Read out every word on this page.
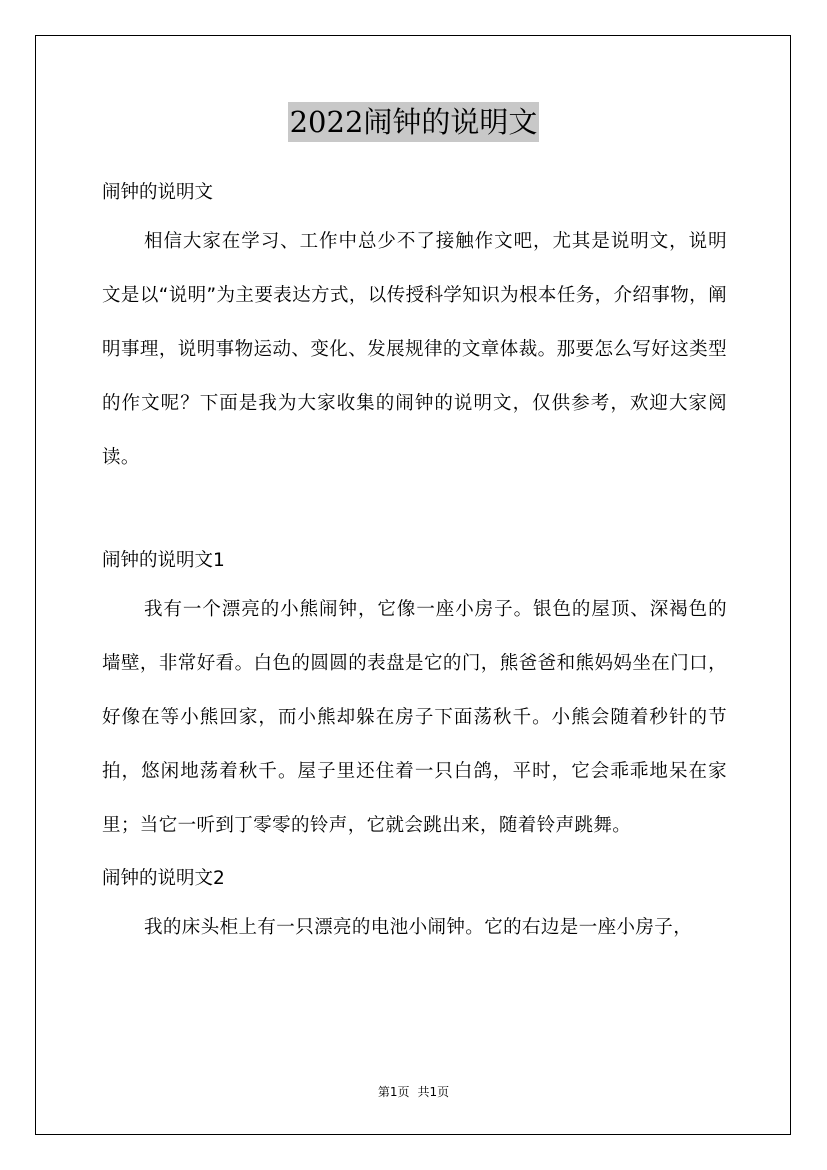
2022闹钟的说明文
闹钟的说明文

相信大家在学习、工作中总少不了接触作文吧，尤其是说明文，说明文是以“说明”为主要表达方式，以传授科学知识为根本任务，介绍事物，阐明事理，说明事物运动、变化、发展规律的文章体裁。那要怎么写好这类型的作文呢？下面是我为大家收集的闹钟的说明文，仅供参考，欢迎大家阅读。

闹钟的说明文1

我有一个漂亮的小熊闹钟，它像一座小房子。银色的屋顶、深褐色的墙壁，非常好看。白色的圆圆的表盘是它的门，熊爸爸和熊妈妈坐在门口，好像在等小熊回家，而小熊却躲在房子下面荡秋千。小熊会随着秒针的节拍，悠闲地荡着秋千。屋子里还住着一只白鸽，平时，它会乖乖地呆在家里；当它一听到丁零零的铃声，它就会跳出来，随着铃声跳舞。

闹钟的说明文2

我的床头柜上有一只漂亮的电池小闹钟。它的右边是一座小房子，

第1页 共1页
